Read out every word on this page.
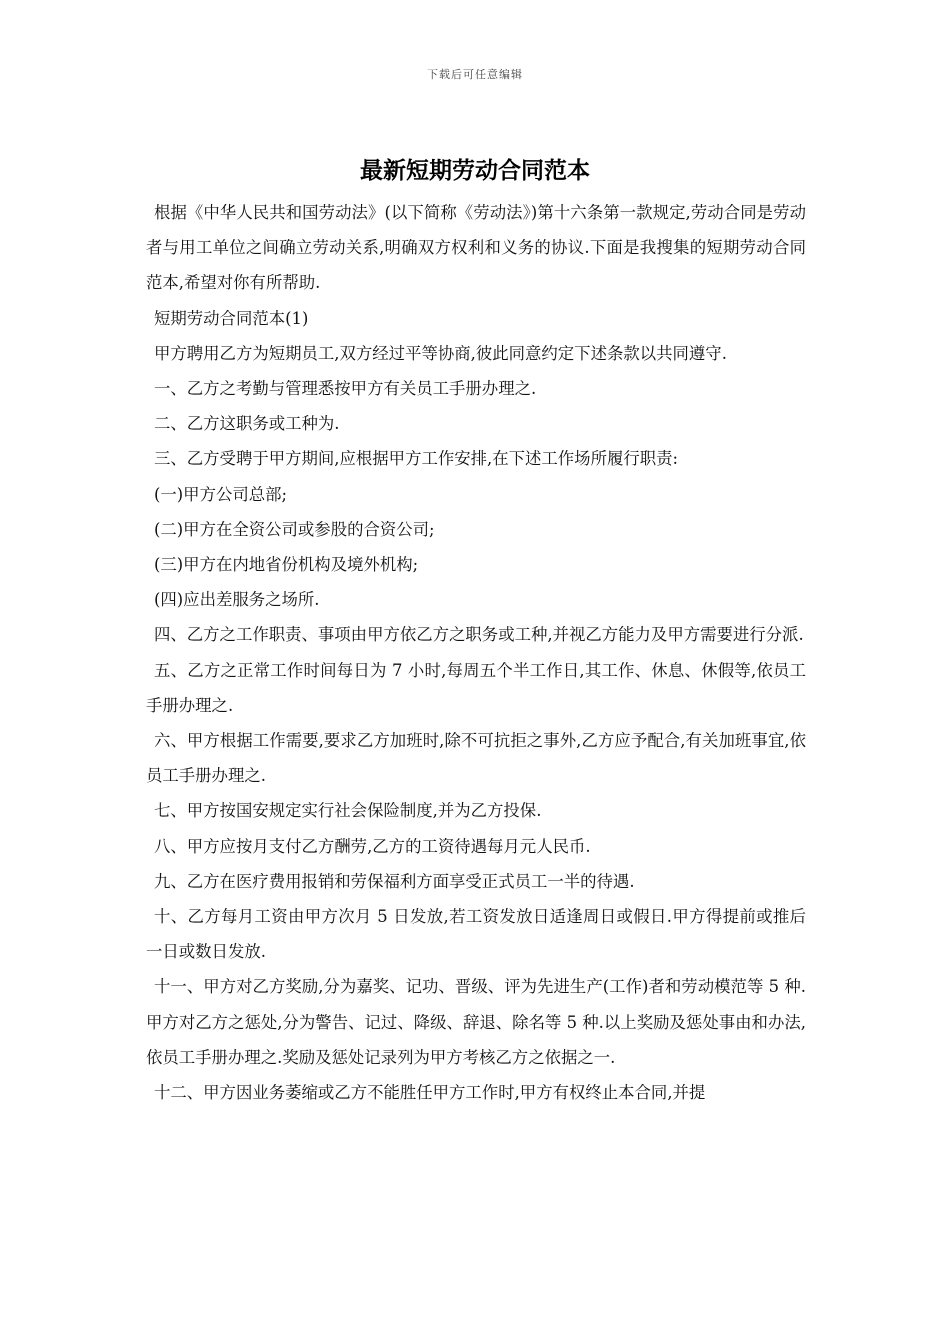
下载后可任意编辑
最新短期劳动合同范本

根据《中华人民共和国劳动法》(以下简称《劳动法》)第十六条第一款规定,劳动合同是劳动者与用工单位之间确立劳动关系,明确双方权利和义务的协议.下面是我搜集的短期劳动合同范本,希望对你有所帮助.

短期劳动合同范本(1)

甲方聘用乙方为短期员工,双方经过平等协商,彼此同意约定下述条款以共同遵守.

一、乙方之考勤与管理悉按甲方有关员工手册办理之.

二、乙方这职务或工种为.

三、乙方受聘于甲方期间,应根据甲方工作安排,在下述工作场所履行职责:

(一)甲方公司总部;

(二)甲方在全资公司或参股的合资公司;

(三)甲方在内地省份机构及境外机构;

(四)应出差服务之场所.

四、乙方之工作职责、事项由甲方依乙方之职务或工种,并视乙方能力及甲方需要进行分派.

五、乙方之正常工作时间每日为 7 小时,每周五个半工作日,其工作、休息、休假等,依员工手册办理之.

六、甲方根据工作需要,要求乙方加班时,除不可抗拒之事外,乙方应予配合,有关加班事宜,依员工手册办理之.

七、甲方按国安规定实行社会保险制度,并为乙方投保.

八、甲方应按月支付乙方酬劳,乙方的工资待遇每月元人民币.

九、乙方在医疗费用报销和劳保福利方面享受正式员工一半的待遇.

十、乙方每月工资由甲方次月 5 日发放,若工资发放日适逢周日或假日.甲方得提前或推后一日或数日发放.

十一、甲方对乙方奖励,分为嘉奖、记功、晋级、评为先进生产(工作)者和劳动模范等 5 种.甲方对乙方之惩处,分为警告、记过、降级、辞退、除名等 5 种.以上奖励及惩处事由和办法,依员工手册办理之.奖励及惩处记录列为甲方考核乙方之依据之一.

十二、甲方因业务萎缩或乙方不能胜任甲方工作时,甲方有权终止本合同,并提
